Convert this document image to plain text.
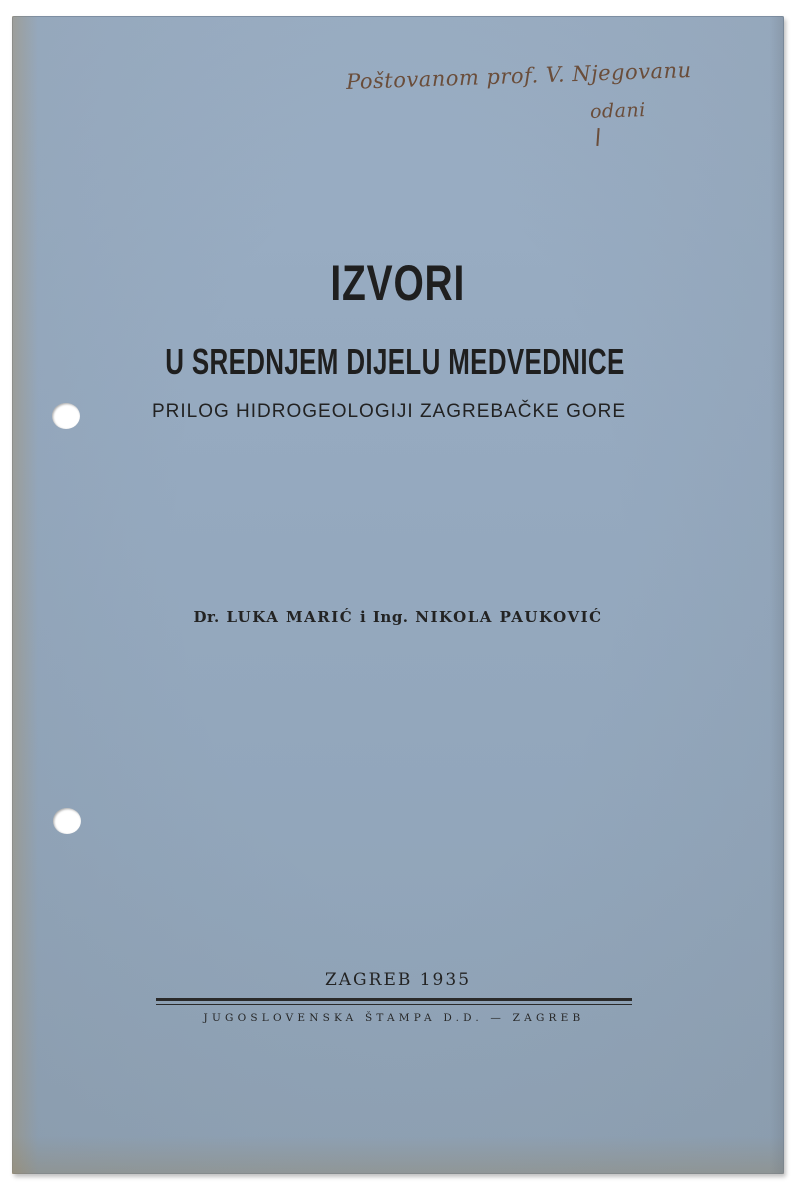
Poštovanom prof. V. Njegovanu
odani
IZVORI
U SREDNJEM DIJELU MEDVEDNICE
PRILOG HIDROGEOLOGIJI ZAGREBAČKE GORE
Dr. LUKA MARIĆ i Ing. NIKOLA PAUKOVIĆ
ZAGREB 1935
JUGOSLOVENSKA ŠTAMPA D.D. — ZAGREB
